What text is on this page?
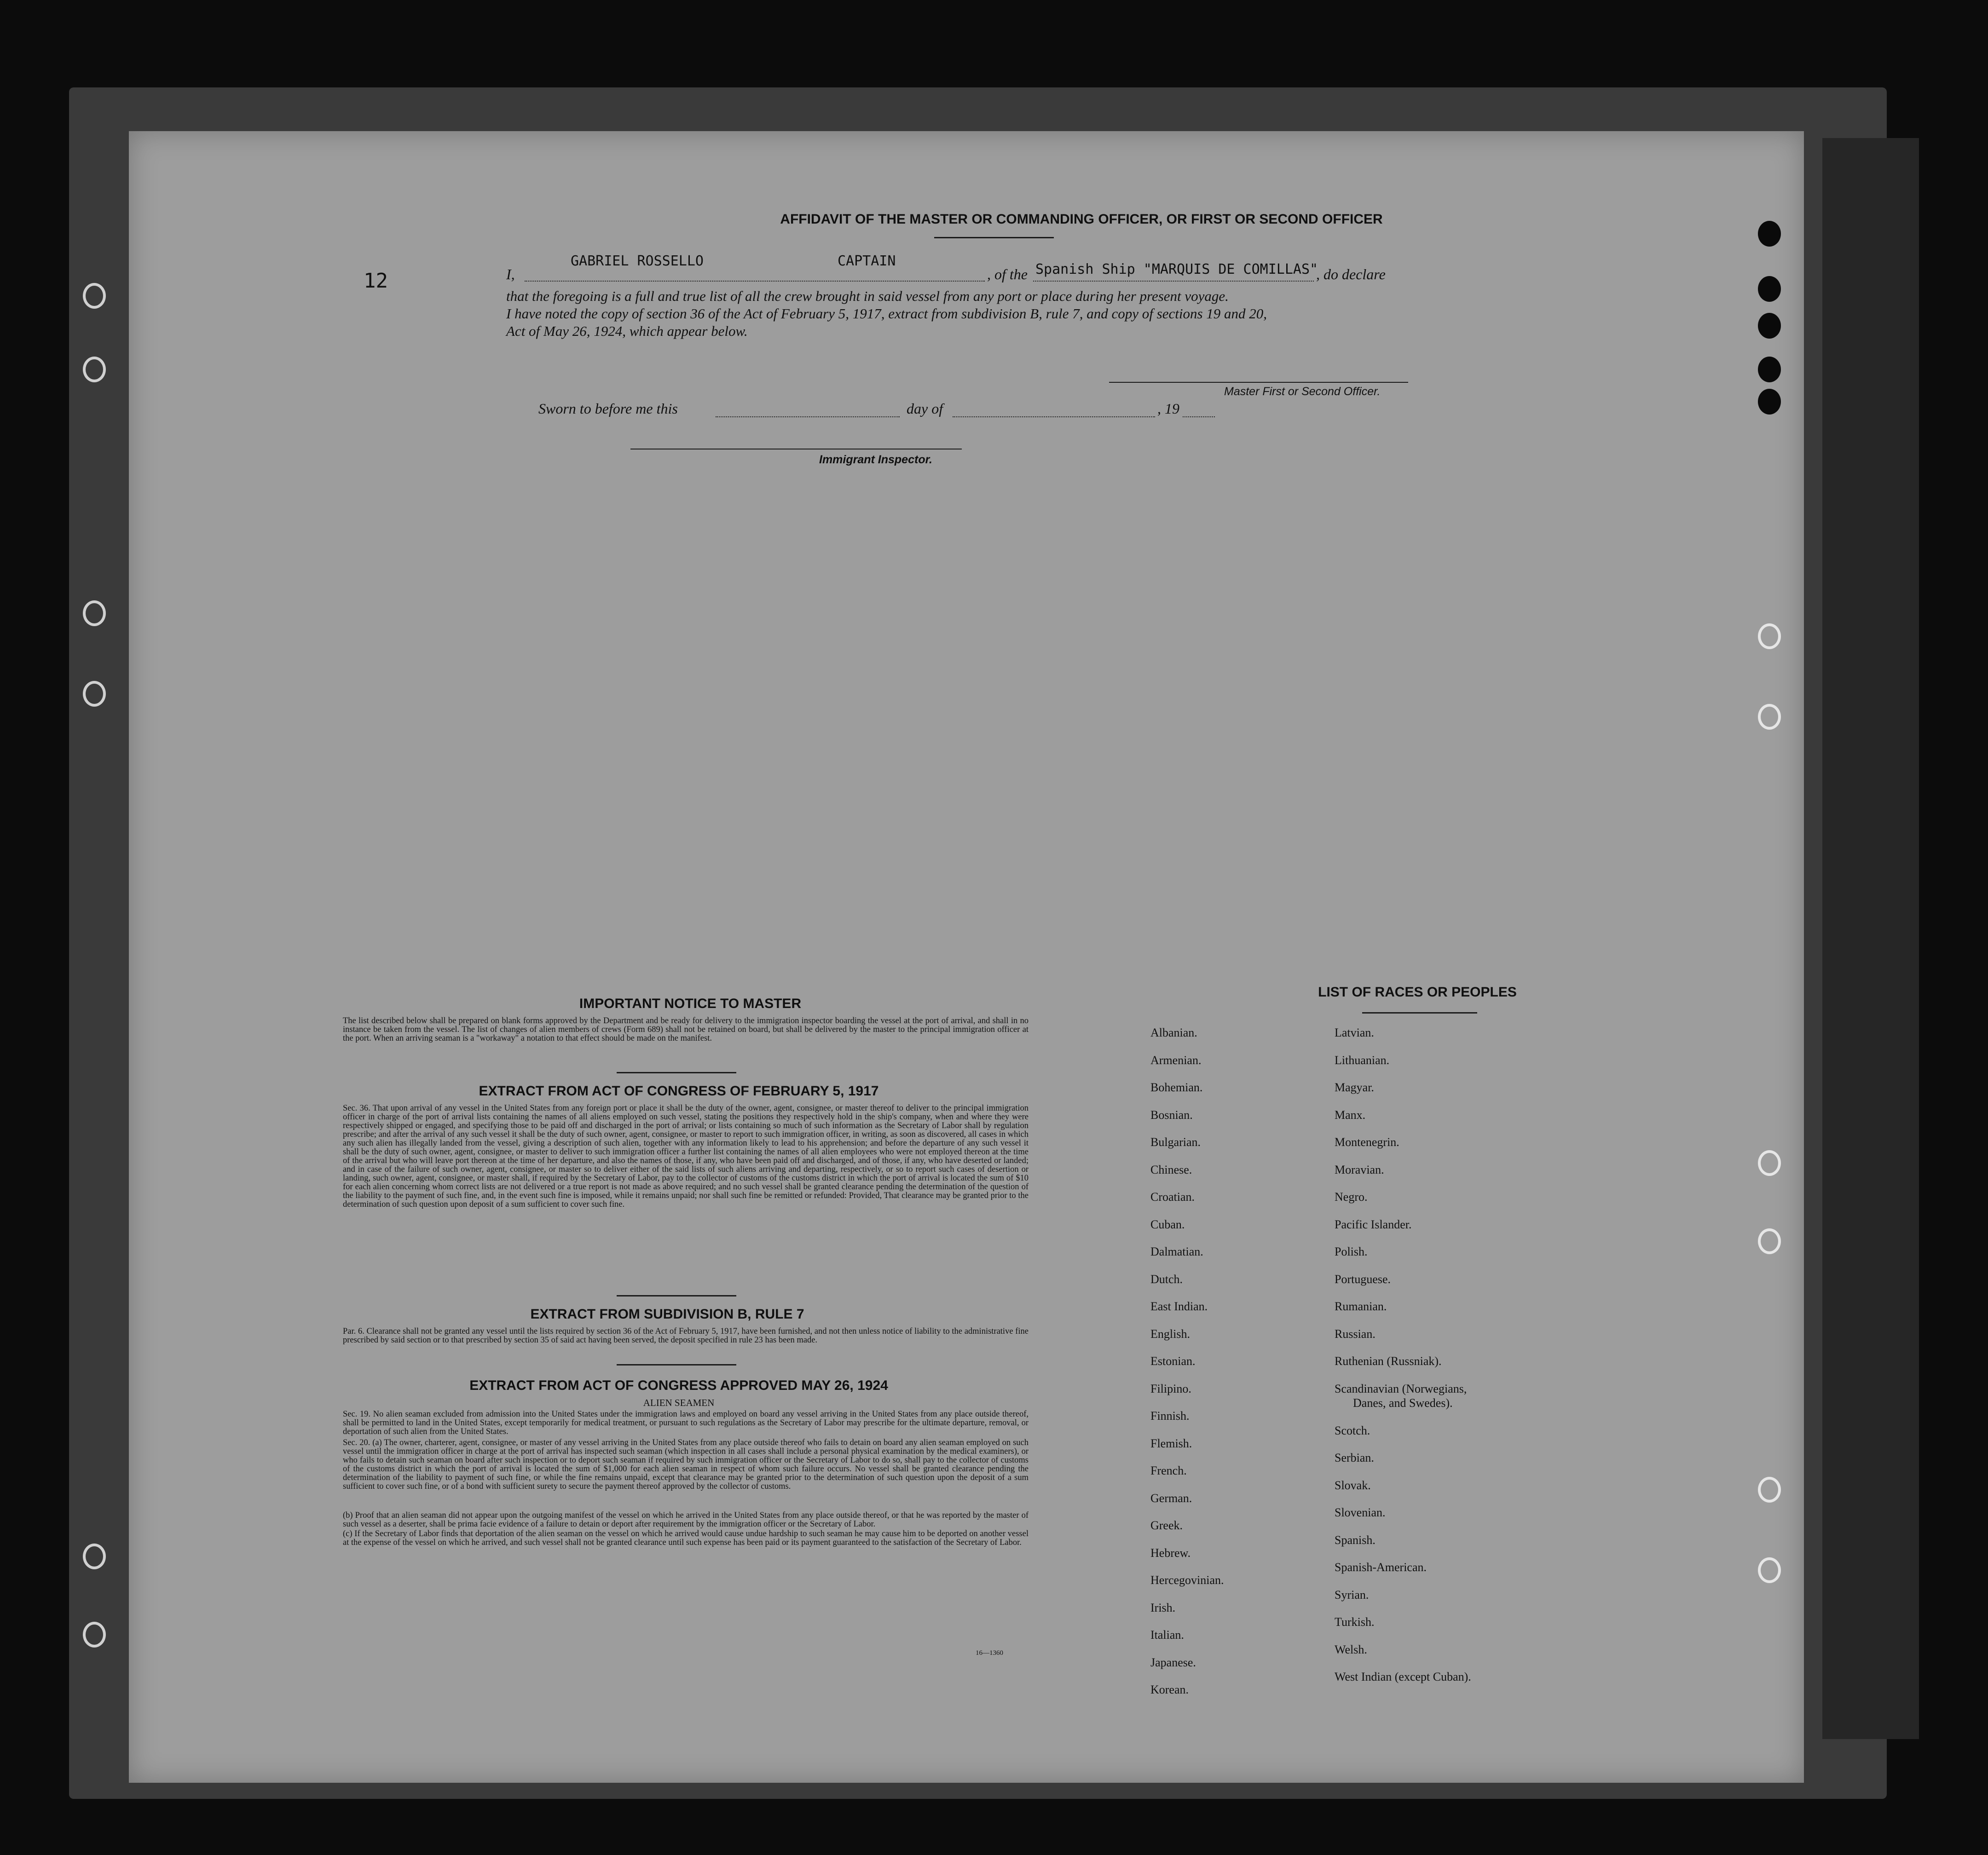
12
AFFIDAVIT OF THE MASTER OR COMMANDING OFFICER, OR FIRST OR SECOND OFFICER
I,
GABRIEL ROSSELLO	CAPTAIN
, of the Spanish Ship "MARQUIS DE COMILLAS"
, do declare
that the foregoing is a full and true list of all the crew brought in said vessel from any port or place during her present voyage.
I have noted the copy of section 36 of the Act of February 5, 1917, extract from subdivision B, rule 7, and copy of sections 19 and 20,
Act of May 26, 1924, which appear below.
Master First or Second Officer.
Sworn to before me this	day of	, 19
Immigrant Inspector.
IMPORTANT NOTICE TO MASTER
The list described below shall be prepared on blank forms approved by the Department and be ready for delivery to the immigration inspector boarding the vessel at the port of arrival, and shall in no instance be taken from the vessel. The list of changes of alien members of crews (Form 689) shall not be retained on board, but shall be delivered by the master to the principal immigration officer at the port. When an arriving seaman is a "workaway" a notation to that effect should be made on the manifest.
EXTRACT FROM ACT OF CONGRESS OF FEBRUARY 5, 1917
Sec. 36. That upon arrival of any vessel in the United States from any foreign port or place it shall be the duty of the owner, agent, consignee, or master thereof to deliver to the principal immigration officer in charge of the port of arrival lists containing the names of all aliens employed on such vessel, stating the positions they respectively hold in the ship's company, when and where they were respectively shipped or engaged, and specifying those to be paid off and discharged in the port of arrival; or lists containing so much of such information as the Secretary of Labor shall by regulation prescribe; and after the arrival of any such vessel it shall be the duty of such owner, agent, consignee, or master to report to such immigration officer, in writing, as soon as discovered, all cases in which any such alien has illegally landed from the vessel, giving a description of such alien, together with any information likely to lead to his apprehension; and before the departure of any such vessel it shall be the duty of such owner, agent, consignee, or master to deliver to such immigration officer a further list containing the names of all alien employees who were not employed thereon at the time of the arrival but who will leave port thereon at the time of her departure, and also the names of those, if any, who have been paid off and discharged, and of those, if any, who have deserted or landed; and in case of the failure of such owner, agent, consignee, or master so to deliver either of the said lists of such aliens arriving and departing, respectively, or so to report such cases of desertion or landing, such owner, agent, consignee, or master shall, if required by the Secretary of Labor, pay to the collector of customs of the customs district in which the port of arrival is located the sum of $10 for each alien concerning whom correct lists are not delivered or a true report is not made as above required; and no such vessel shall be granted clearance pending the determination of the question of the liability to the payment of such fine, and, in the event such fine is imposed, while it remains unpaid; nor shall such fine be remitted or refunded: Provided, That clearance may be granted prior to the determination of such question upon deposit of a sum sufficient to cover such fine.
EXTRACT FROM SUBDIVISION B, RULE 7
Par. 6. Clearance shall not be granted any vessel until the lists required by section 36 of the Act of February 5, 1917, have been furnished, and not then unless notice of liability to the administrative fine prescribed by said section or to that prescribed by section 35 of said act having been served, the deposit specified in rule 23 has been made.
EXTRACT FROM ACT OF CONGRESS APPROVED MAY 26, 1924
ALIEN SEAMEN
Sec. 19. No alien seaman excluded from admission into the United States under the immigration laws and employed on board any vessel arriving in the United States from any place outside thereof, shall be permitted to land in the United States, except temporarily for medical treatment, or pursuant to such regulations as the Secretary of Labor may prescribe for the ultimate departure, removal, or deportation of such alien from the United States.
Sec. 20. (a) The owner, charterer, agent, consignee, or master of any vessel arriving in the United States from any place outside thereof who fails to detain on board any alien seaman employed on such vessel until the immigration officer in charge at the port of arrival has inspected such seaman (which inspection in all cases shall include a personal physical examination by the medical examiners), or who fails to detain such seaman on board after such inspection or to deport such seaman if required by such immigration officer or the Secretary of Labor to do so, shall pay to the collector of customs of the customs district in which the port of arrival is located the sum of $1,000 for each alien seaman in respect of whom such failure occurs. No vessel shall be granted clearance pending the determination of the liability to payment of such fine, or while the fine remains unpaid, except that clearance may be granted prior to the determination of such question upon the deposit of a sum sufficient to cover such fine, or of a bond with sufficient surety to secure the payment thereof approved by the collector of customs.
(b) Proof that an alien seaman did not appear upon the outgoing manifest of the vessel on which he arrived in the United States from any place outside thereof, or that he was reported by the master of such vessel as a deserter, shall be prima facie evidence of a failure to detain or deport after requirement by the immigration officer or the Secretary of Labor.
(c) If the Secretary of Labor finds that deportation of the alien seaman on the vessel on which he arrived would cause undue hardship to such seaman he may cause him to be deported on another vessel at the expense of the vessel on which he arrived, and such vessel shall not be granted clearance until such expense has been paid or its payment guaranteed to the satisfaction of the Secretary of Labor.
16—1360
LIST OF RACES OR PEOPLES
Albanian.
Armenian.
Bohemian.
Bosnian.
Bulgarian.
Chinese.
Croatian.
Cuban.
Dalmatian.
Dutch.
East Indian.
English.
Estonian.
Filipino.
Finnish.
Flemish.
French.
German.
Greek.
Hebrew.
Hercegovinian.
Irish.
Italian.
Japanese.
Korean.
Latvian.
Lithuanian.
Magyar.
Manx.
Montenegrin.
Moravian.
Negro.
Pacific Islander.
Polish.
Portuguese.
Rumanian.
Russian.
Ruthenian (Russniak).
Scandinavian (Norwegians,
Danes, and Swedes).
Scotch.
Serbian.
Slovak.
Slovenian.
Spanish.
Spanish-American.
Syrian.
Turkish.
Welsh.
West Indian (except Cuban).
